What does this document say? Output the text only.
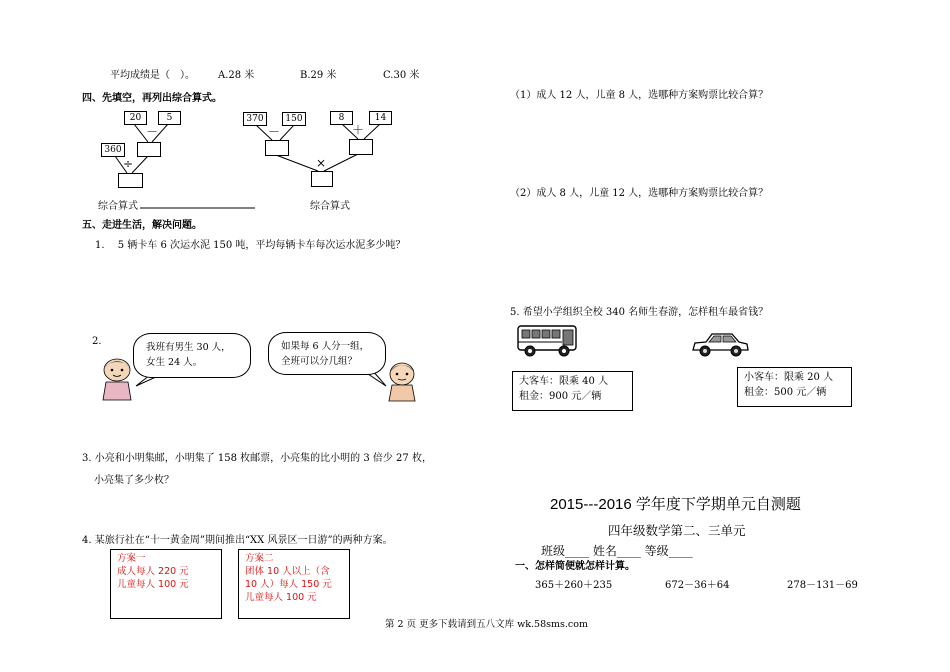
平均成绩是（　）。 A.28 米	B.29 米	C.30 米
四、先填空，再列出综合算式。
20	5
－
360
÷
370	150
－
8	14
＋
×
综合算式	综合算式
五、走进生活，解决问题。
1.　 5 辆卡车 6 次运水泥 150 吨，平均每辆卡车每次运水泥多少吨？
2.
我班有男生 30 人，女生 24 人。
如果每 6 人分一组，全班可以分几组？
3. 小亮和小明集邮，小明集了 158 枚邮票，小亮集的比小明的 3 倍少 27 枚，
小亮集了多少枚？
4. 某旅行社在“十一黄金周”期间推出“XX 风景区一日游”的两种方案。
方案一
成人每人 220 元
儿童每人 100 元
方案二
团体 10 人以上（含
10 人）每人 150 元
儿童每人 100 元
第 2 页 更多下载请到五八文库 wk.58sms.com
（1）成人 12 人，儿童 8 人，选哪种方案购票比较合算？
（2）成人 8 人，儿童 12 人，选哪种方案购票比较合算？
5. 希望小学组织全校 340 名师生春游，怎样租车最省钱？
大客车：限乘 40 人
租金：900 元／辆
小客车：限乘 20 人
租金：500 元／辆
2015---2016 学年度下学期单元自测题
四年级数学第二、三单元
班级____ 姓名____ 等级____
一、怎样简便就怎样计算。
365＋260＋235	672－36＋64	278－131－69
